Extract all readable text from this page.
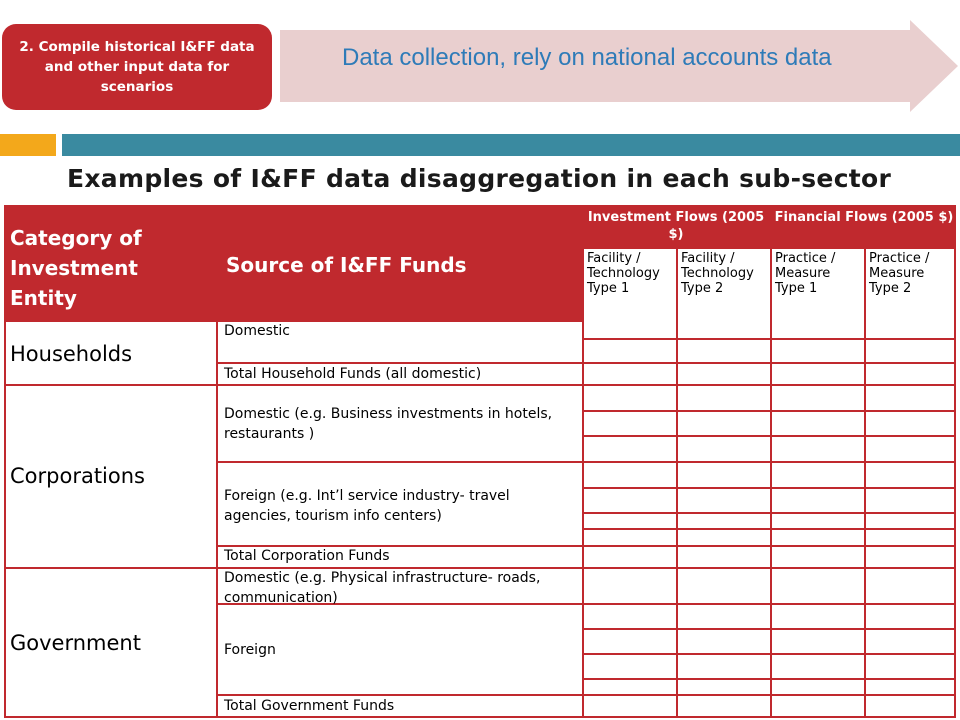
2. Compile historical I&FF data and other input data for scenarios
Data collection, rely on national accounts data
Examples of I&FF data disaggregation in each sub-sector
Category of Investment Entity
Source of I&FF Funds
Investment Flows (2005 $)
Financial Flows (2005 $)
Facility / Technology Type 1
Facility / Technology Type 2
Practice / Measure Type 1
Practice / Measure Type 2
Households
Corporations
Government
Domestic
Total Household Funds (all domestic)
Domestic (e.g. Business investments in hotels, restaurants )
Foreign (e.g. Int’l service industry- travel agencies, tourism info centers)
Total Corporation Funds
Domestic (e.g. Physical infrastructure- roads, communication)
Foreign
Total Government Funds
